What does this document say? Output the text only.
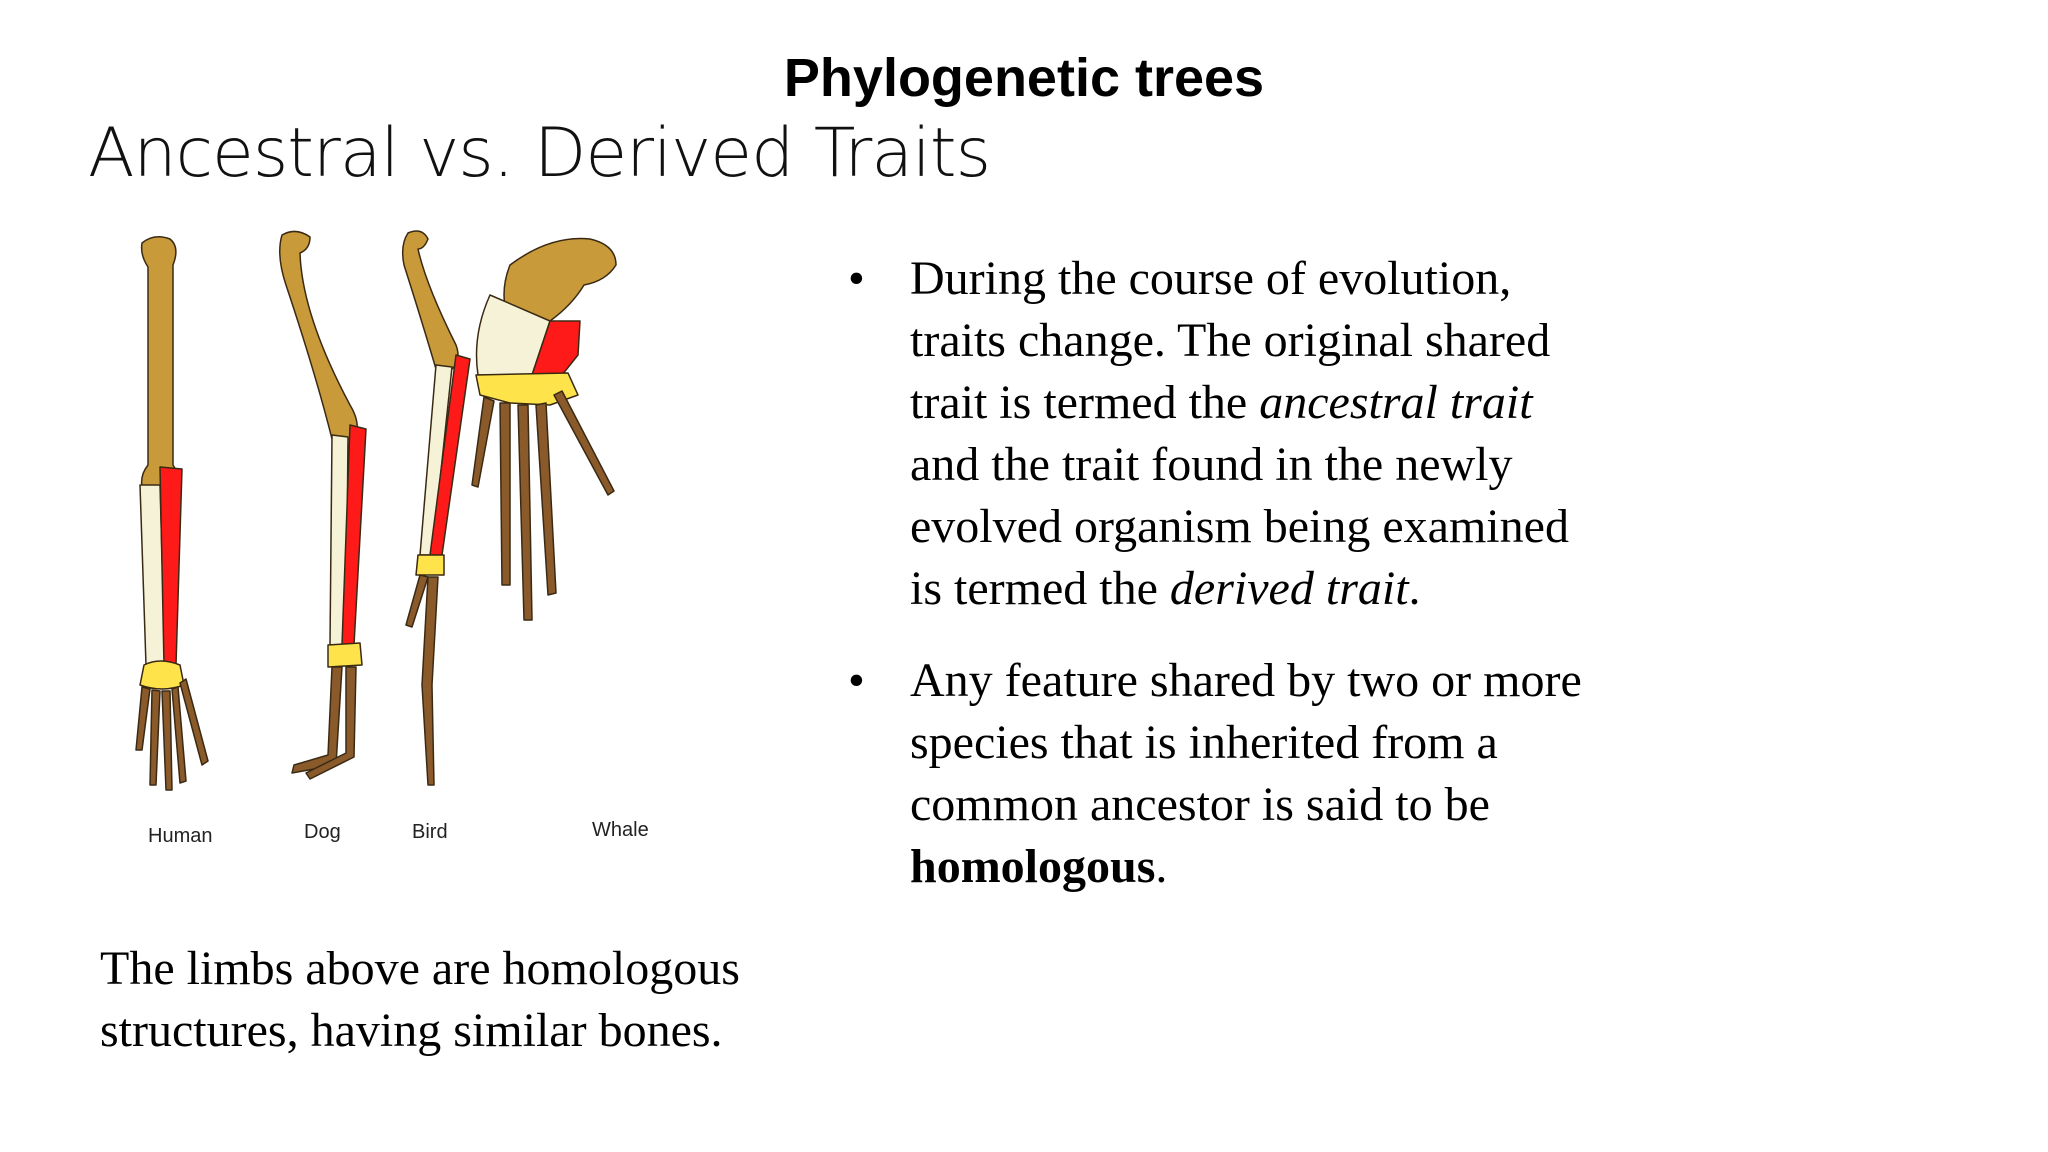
Phylogenetic trees
Ancestral vs. Derived Traits
Human	Dog	Bird	Whale
The limbs above are homologous
structures, having similar bones.
• During the course of evolution, traits change. The original shared trait is termed the ancestral trait and the trait found in the newly evolved organism being examined is termed the derived trait.
• Any feature shared by two or more species that is inherited from a common ancestor is said to be homologous.
